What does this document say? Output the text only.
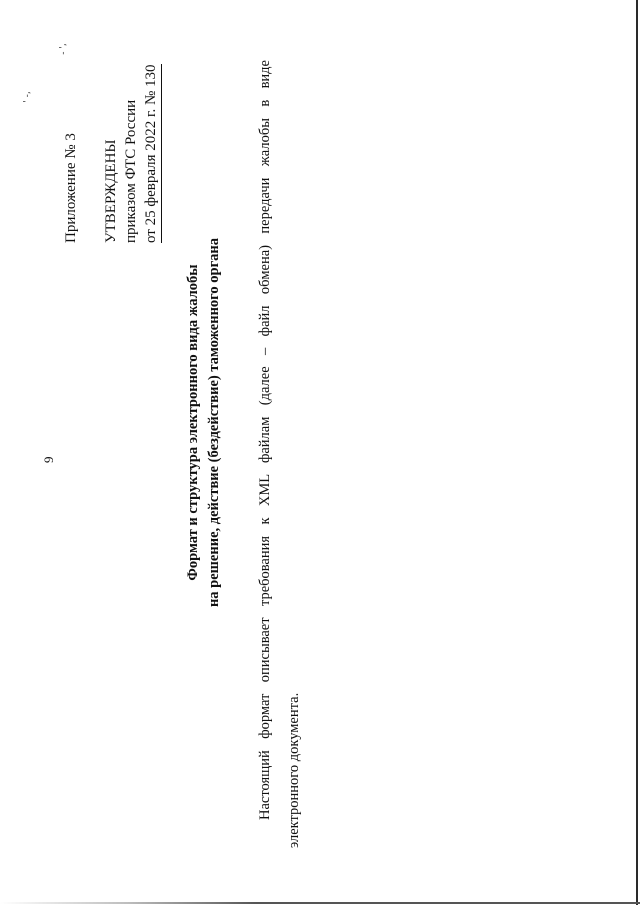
- ',
' -,
9
Приложение № 3 УТВЕРЖДЕНЫ приказом ФТС России от 25 февраля 2022 г. № 130
Формат и структура электронного вида жалобы на решение, действие (бездействие) таможенного органа	Настоящий формат описывает требования к XML файлам (далее – файл обмена) передачи жалобы в виде электронного документа.
